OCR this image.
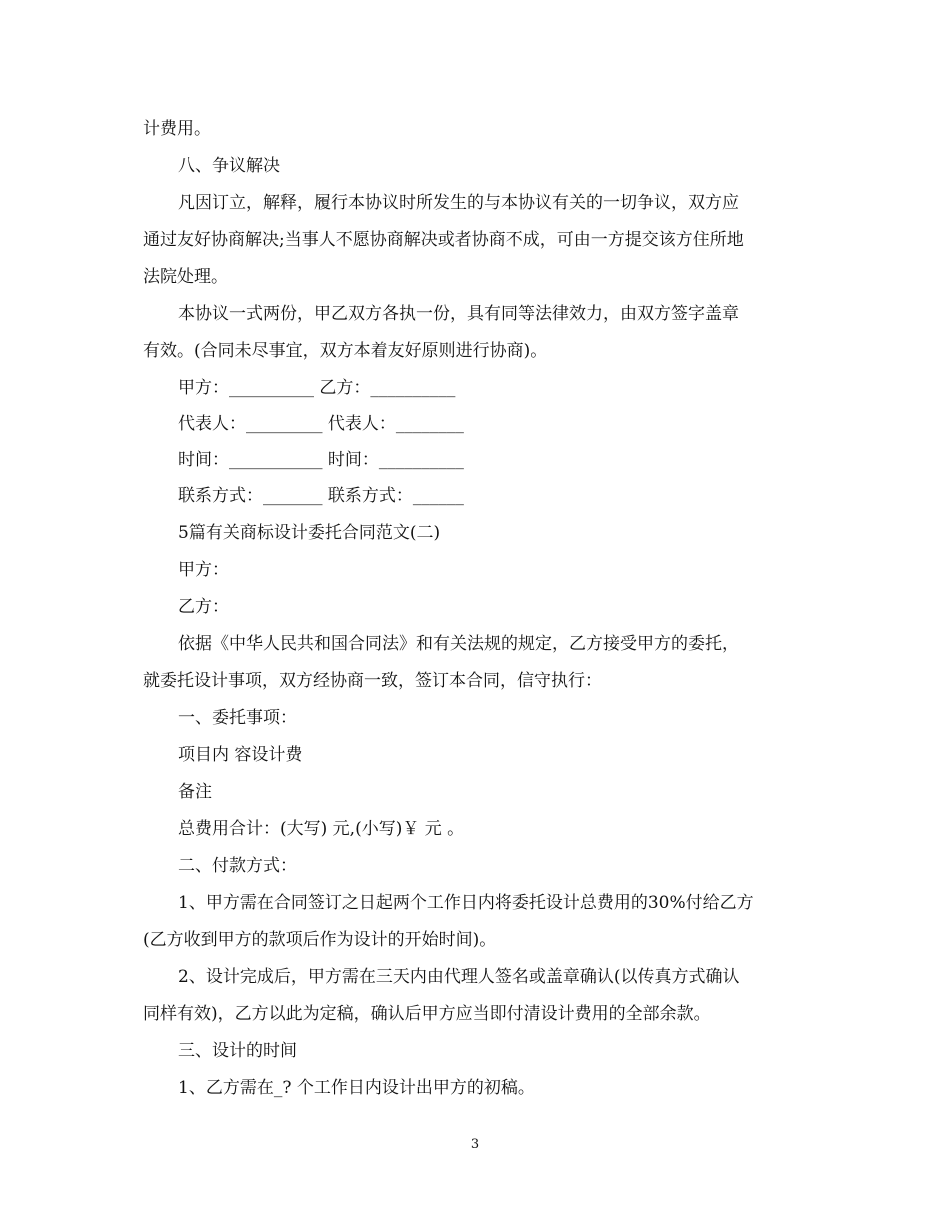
计费用。
八、争议解决
凡因订立，解释，履行本协议时所发生的与本协议有关的一切争议，双方应
通过友好协商解决;当事人不愿协商解决或者协商不成，可由一方提交该方住所地
法院处理。
本协议一式两份，甲乙双方各执一份，具有同等法律效力，由双方签字盖章
有效。(合同未尽事宜，双方本着友好原则进行协商)。
甲方：__________ 乙方：__________
代表人：_________ 代表人：________
时间：___________ 时间：__________
联系方式：_______ 联系方式：______
5篇有关商标设计委托合同范文(二)
甲方：
乙方：
依据《中华人民共和国合同法》和有关法规的规定，乙方接受甲方的委托，
就委托设计事项，双方经协商一致，签订本合同，信守执行：
一、委托事项：
项目内 容设计费
备注
总费用合计：(大写) 元,(小写)￥ 元 。
二、付款方式：
1、甲方需在合同签订之日起两个工作日内将委托设计总费用的30%付给乙方
(乙方收到甲方的款项后作为设计的开始时间)。
2、设计完成后，甲方需在三天内由代理人签名或盖章确认(以传真方式确认
同样有效)，乙方以此为定稿，确认后甲方应当即付清设计费用的全部余款。
三、设计的时间
1、乙方需在_? 个工作日内设计出甲方的初稿。
3
